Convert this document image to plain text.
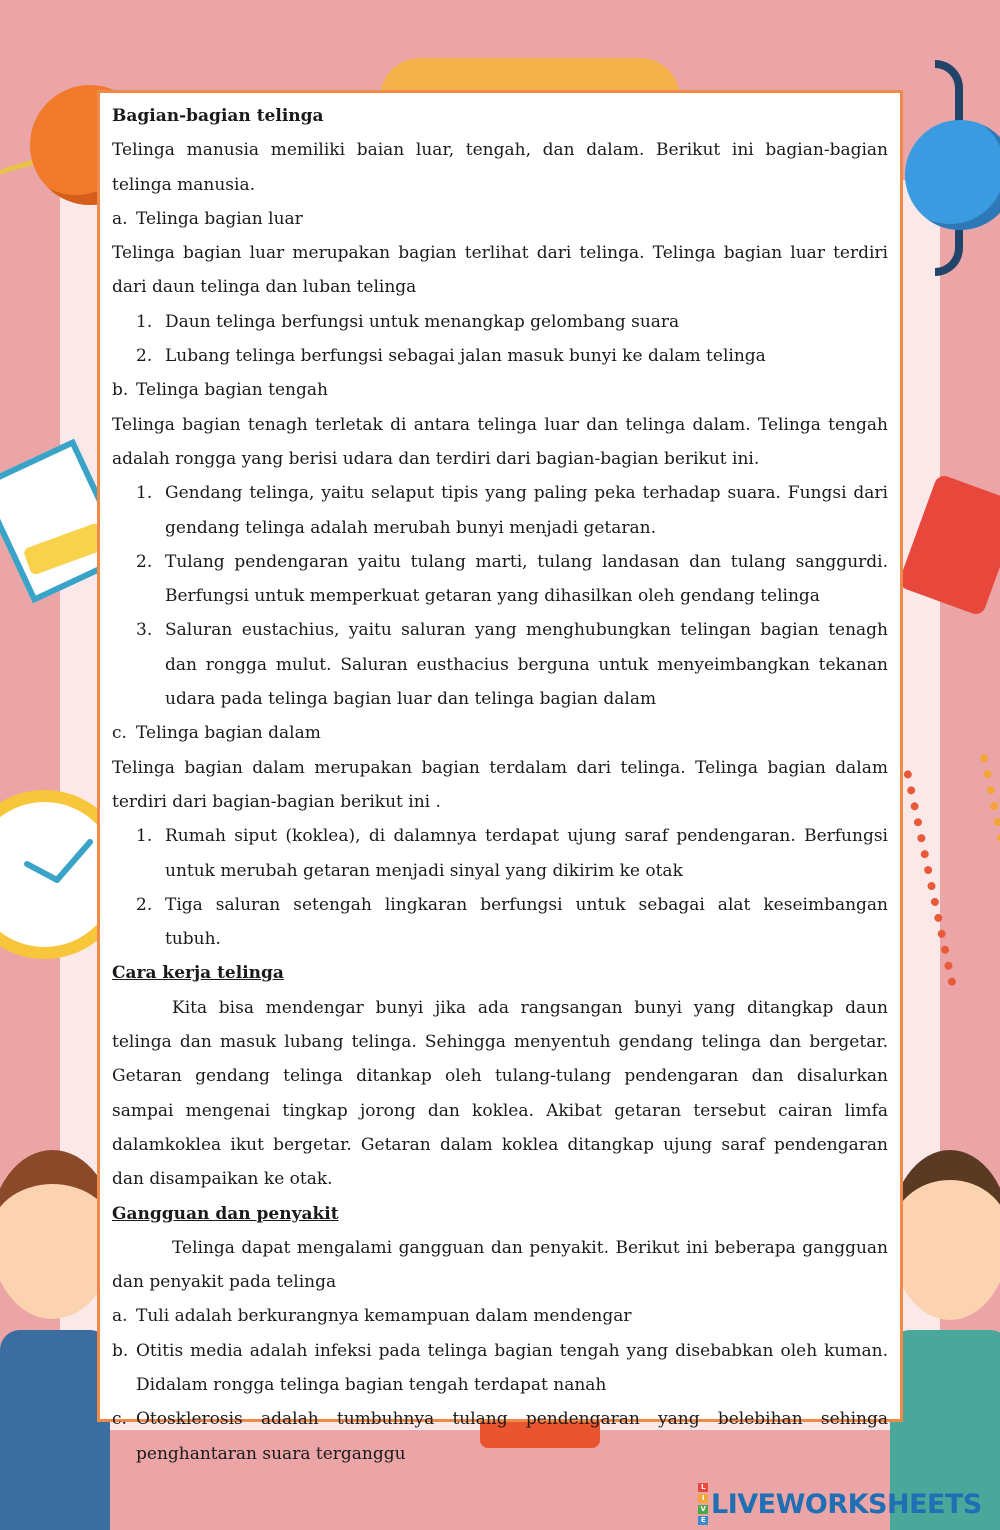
Bagian-bagian telinga

Telinga manusia memiliki baian luar, tengah, dan dalam. Berikut ini bagian-bagian telinga manusia.

a. Telinga bagian luar

Telinga bagian luar merupakan bagian terlihat dari telinga. Telinga bagian luar terdiri dari daun telinga dan luban telinga

1. Daun telinga berfungsi untuk menangkap gelombang suara
2. Lubang telinga berfungsi sebagai jalan masuk bunyi ke dalam telinga
b. Telinga bagian tengah

Telinga bagian tenagh terletak di antara telinga luar dan telinga dalam. Telinga tengah adalah rongga yang berisi udara dan terdiri dari bagian-bagian berikut ini.

1. Gendang telinga, yaitu selaput tipis yang paling peka terhadap suara. Fungsi dari gendang telinga adalah merubah bunyi menjadi getaran.
2. Tulang pendengaran yaitu tulang marti, tulang landasan dan tulang sanggurdi. Berfungsi untuk memperkuat getaran yang dihasilkan oleh gendang telinga
3. Saluran eustachius, yaitu saluran yang menghubungkan telingan bagian tenagh dan rongga mulut. Saluran eusthacius berguna untuk menyeimbangkan tekanan udara pada telinga bagian luar dan telinga bagian dalam
c. Telinga bagian dalam

Telinga bagian dalam merupakan bagian terdalam dari telinga. Telinga bagian dalam terdiri dari bagian-bagian berikut ini .

1. Rumah siput (koklea), di dalamnya terdapat ujung saraf pendengaran. Berfungsi untuk merubah getaran menjadi sinyal yang dikirim ke otak
2. Tiga saluran setengah lingkaran berfungsi untuk sebagai alat keseimbangan tubuh.

Cara kerja telinga

Kita bisa mendengar bunyi jika ada rangsangan bunyi yang ditangkap daun telinga dan masuk lubang telinga. Sehingga menyentuh gendang telinga dan bergetar. Getaran gendang telinga ditankap oleh tulang-tulang pendengaran dan disalurkan sampai mengenai tingkap jorong dan koklea. Akibat getaran tersebut cairan limfa dalamkoklea ikut bergetar. Getaran dalam koklea ditangkap ujung saraf pendengaran dan disampaikan ke otak.

Gangguan dan penyakit

Telinga dapat mengalami gangguan dan penyakit. Berikut ini beberapa gangguan dan penyakit pada telinga

a. Tuli adalah berkurangnya kemampuan dalam mendengar
b. Otitis media adalah infeksi pada telinga bagian tengah yang disebabkan oleh kuman. Didalam rongga telinga bagian tengah terdapat nanah
c. Otosklerosis adalah tumbuhnya tulang pendengaran yang belebihan sehinga penghantaran suara terganggu
L
I
V
E
LIVEWORKSHEETS
